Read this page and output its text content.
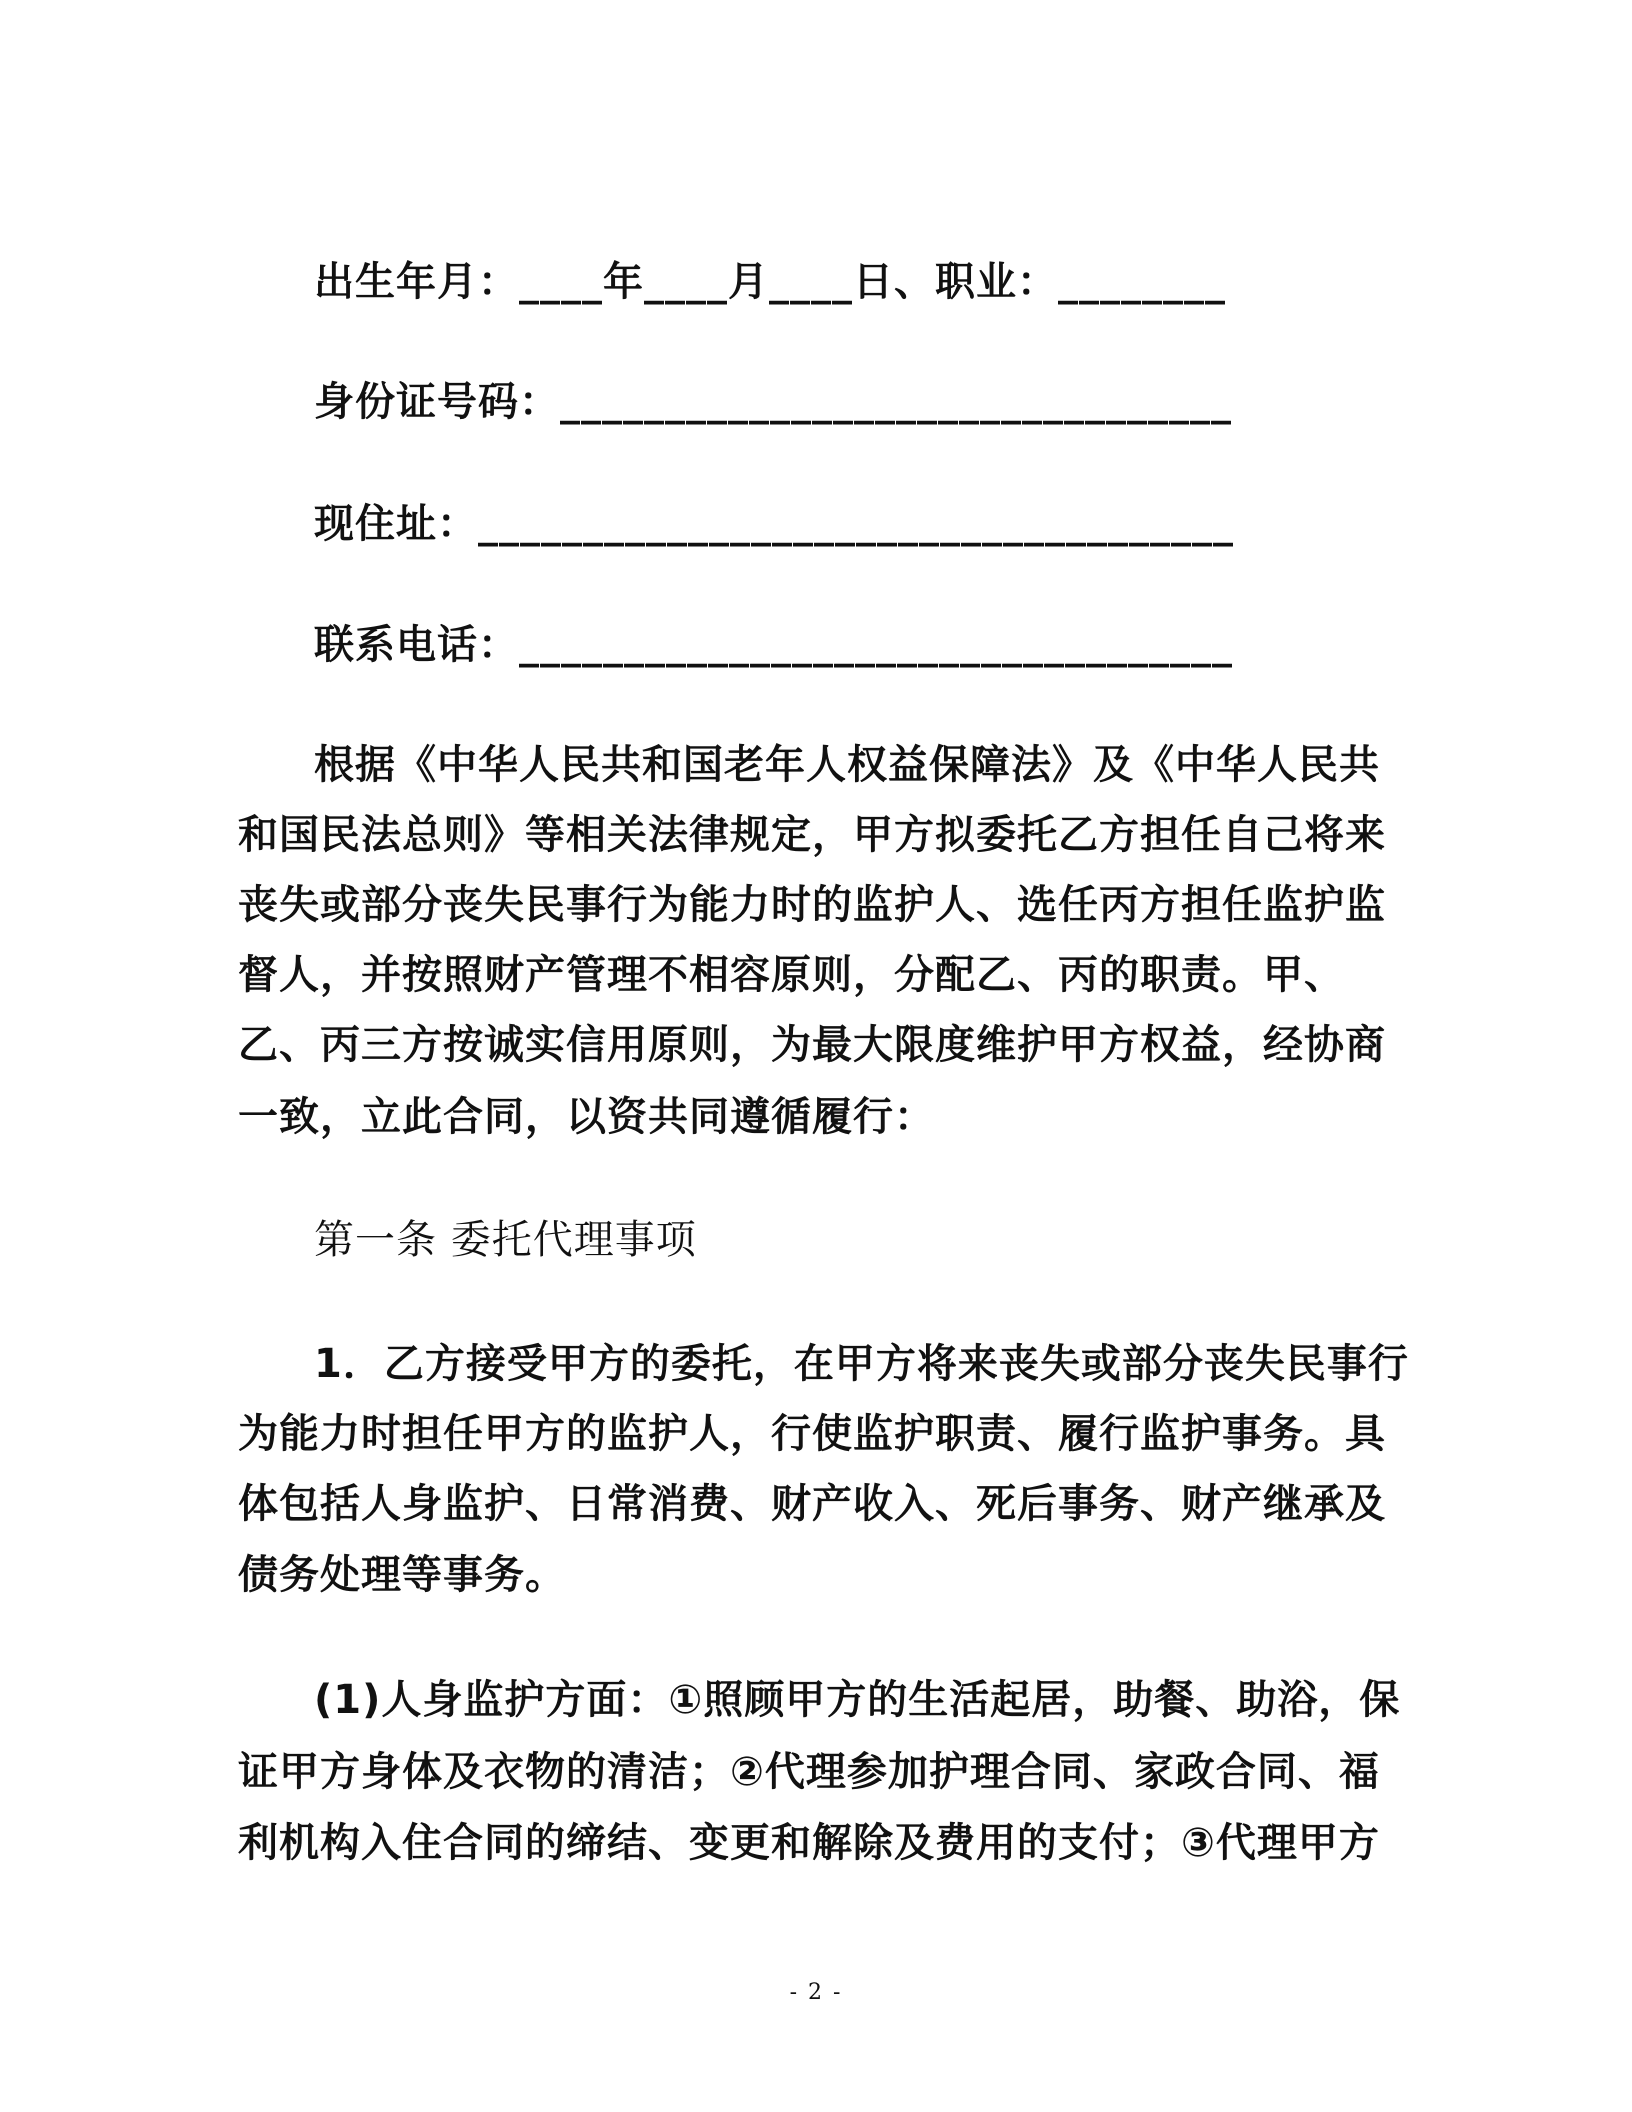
出生年月：____年____月____日、职业：________
身份证号码：________________________________
现住址：____________________________________
联系电话：__________________________________
根据《中华人民共和国老年人权益保障法》及《中华人民共
和国民法总则》等相关法律规定，甲方拟委托乙方担任自己将来
丧失或部分丧失民事行为能力时的监护人、选任丙方担任监护监
督人，并按照财产管理不相容原则，分配乙、丙的职责。甲、
乙、丙三方按诚实信用原则，为最大限度维护甲方权益，经协商
一致，立此合同，以资共同遵循履行：
第一条 委托代理事项
1．乙方接受甲方的委托，在甲方将来丧失或部分丧失民事行
为能力时担任甲方的监护人，行使监护职责、履行监护事务。具
体包括人身监护、日常消费、财产收入、死后事务、财产继承及
债务处理等事务。
(1)人身监护方面：①照顾甲方的生活起居，助餐、助浴，保
证甲方身体及衣物的清洁；②代理参加护理合同、家政合同、福
利机构入住合同的缔结、变更和解除及费用的支付；③代理甲方
- 2 -
